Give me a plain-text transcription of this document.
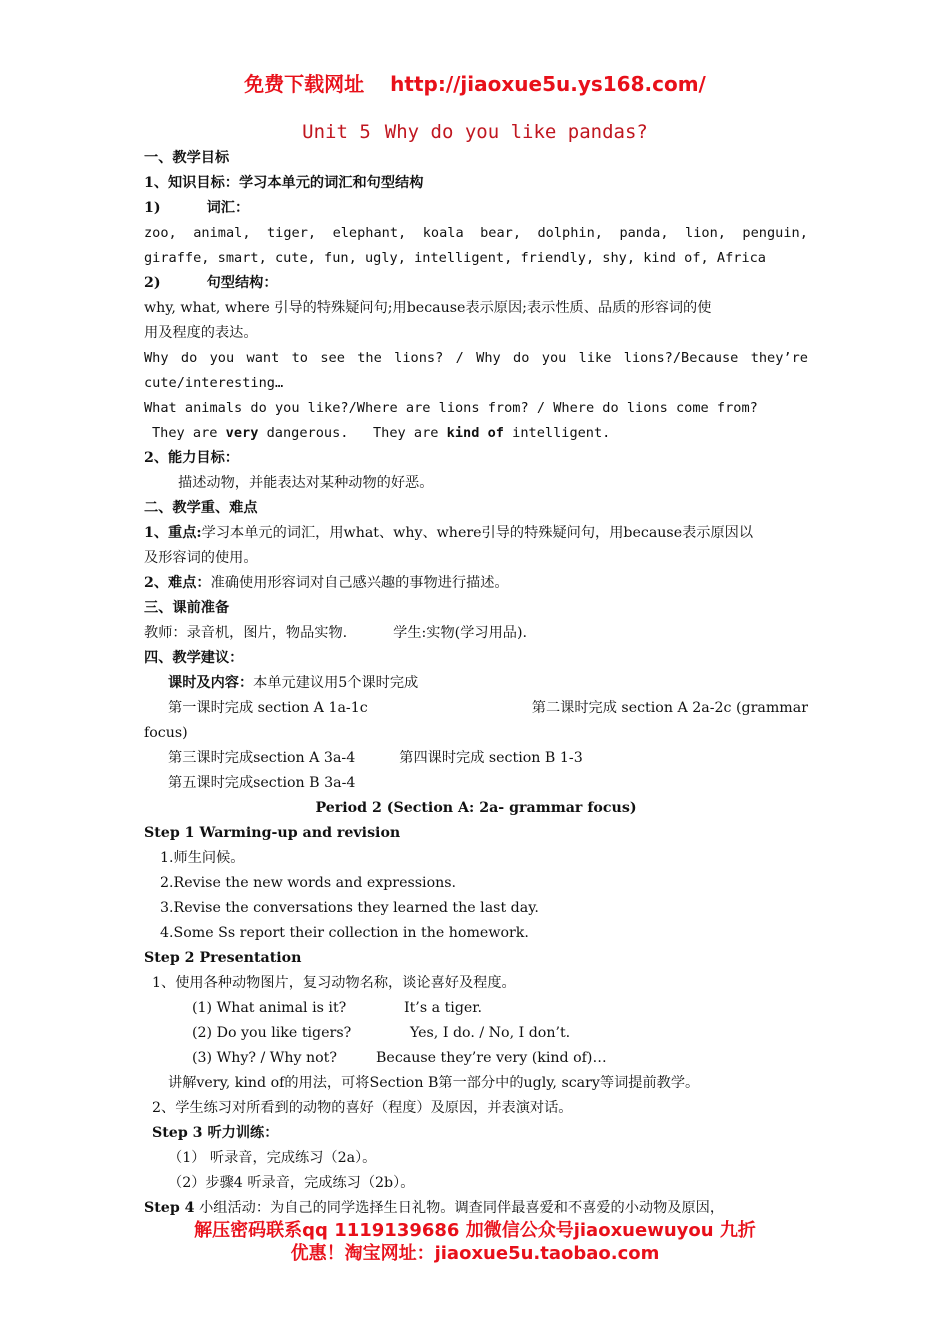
免费下载网址 http://jiaoxue5u.ys168.com/
Unit 5 Why do you like pandas?
一、教学目标
1、知识目标：学习本单元的词汇和句型结构
1)	词汇：
zoo, animal, tiger, elephant, koala bear, dolphin, panda, lion, penguin,
giraffe, smart, cute, fun, ugly, intelligent, friendly, shy, kind of, Africa
2)	句型结构：
why, what, where 引导的特殊疑问句;用because表示原因;表示性质、品质的形容词的使
用及程度的表达。
Why do you want to see the lions? / Why do you like lions?/Because they’re
cute/interesting…
What animals do you like?/Where are lions from? / Where do lions come from?
They are very dangerous.   They are kind of intelligent.
2、能力目标：
描述动物，并能表达对某种动物的好恶。
二、教学重、难点
1、重点:学习本单元的词汇，用what、why、where引导的特殊疑问句，用because表示原因以
及形容词的使用。
2、难点：准确使用形容词对自己感兴趣的事物进行描述。
三、课前准备
教师：录音机，图片，物品实物.	学生:实物(学习用品).
四、教学建议：
课时及内容：本单元建议用5个课时完成
第一课时完成 section A 1a-1c	第二课时完成 section A 2a-2c (grammar
focus)
第三课时完成section A 3a-4	第四课时完成 section B 1-3
第五课时完成section B 3a-4
Period 2 (Section A: 2a- grammar focus)
Step 1 Warming-up and revision
1.师生问候。
2.Revise the new words and expressions.
3.Revise the conversations they learned the last day.
4.Some Ss report their collection in the homework.
Step 2 Presentation
1、使用各种动物图片，复习动物名称，谈论喜好及程度。
(1) What animal is it?	It’s a tiger.
(2) Do you like tigers?	Yes, I do. / No, I don’t.
(3) Why? / Why not?	Because they’re very (kind of)…
讲解very, kind of的用法，可将Section B第一部分中的ugly, scary等词提前教学。
2、学生练习对所看到的动物的喜好（程度）及原因，并表演对话。
Step 3 听力训练：
（1） 听录音，完成练习（2a）。
（2）步骤4 听录音，完成练习（2b）。
Step 4 小组活动：为自己的同学选择生日礼物。调查同伴最喜爱和不喜爱的小动物及原因，
解压密码联系qq 1119139686 加微信公众号jiaoxuewuyou 九折
优惠！淘宝网址：jiaoxue5u.taobao.com
